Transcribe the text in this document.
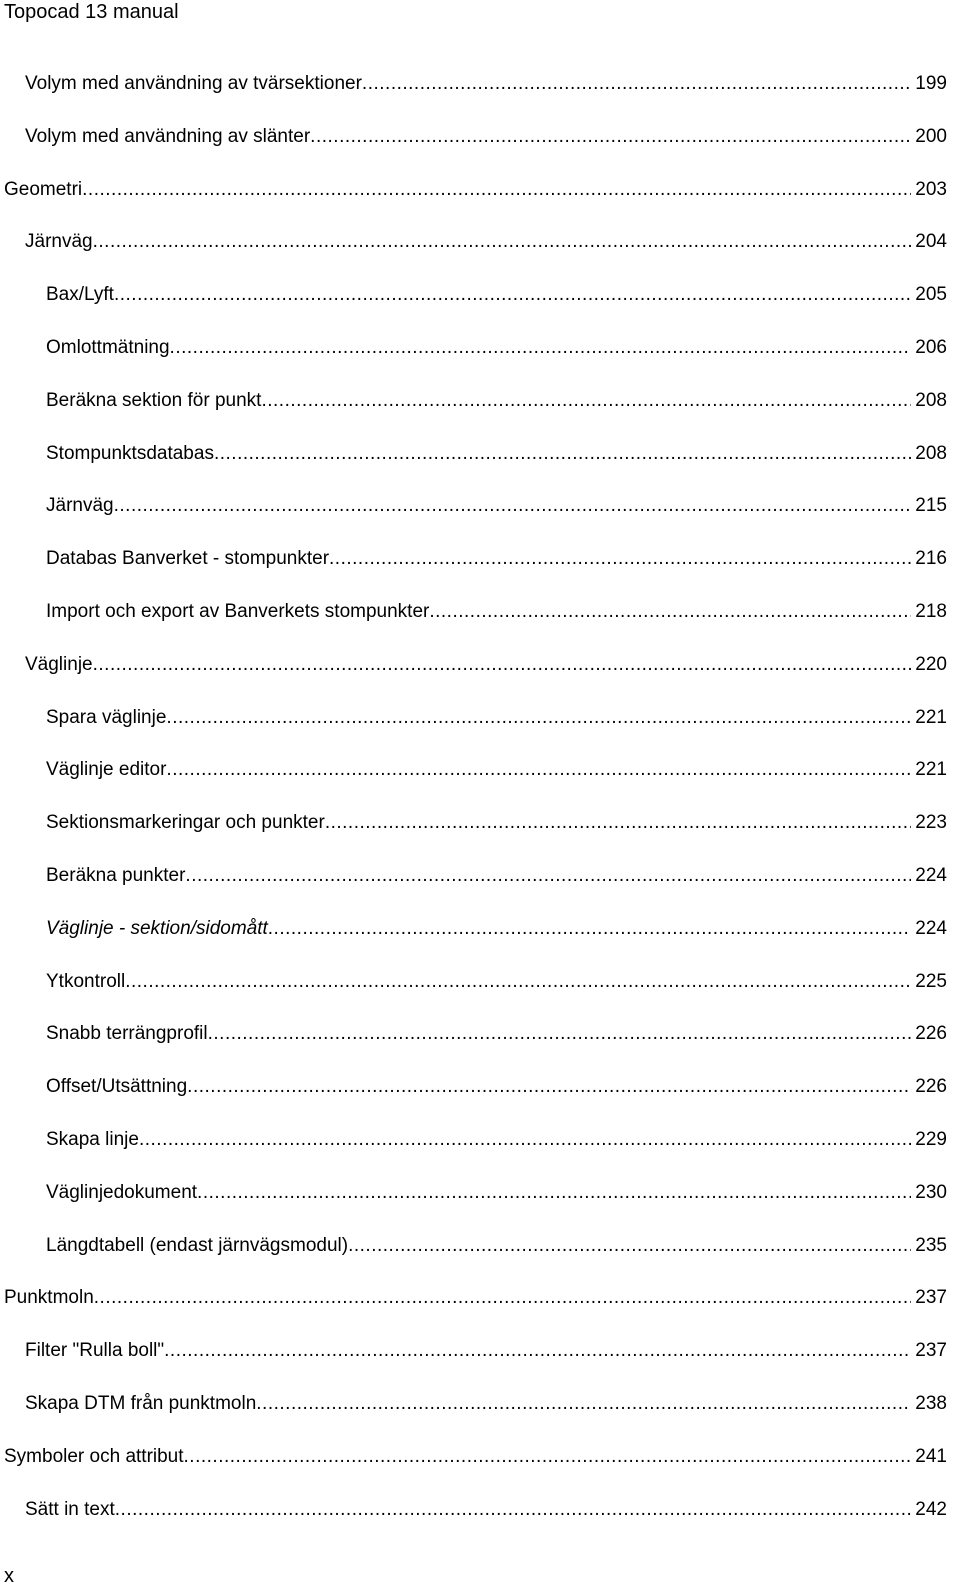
Topocad 13 manual
Volym med användning av tvärsektioner .....	199
Volym med användning av slänter .....	200
Geometri .....	203
Järnväg .....	204
Bax/Lyft .....	205
Omlottmätning .....	206
Beräkna sektion för punkt .....	208
Stompunktsdatabas .....	208
Järnväg .....	215
Databas Banverket - stompunkter .....	216
Import och export av Banverkets stompunkter .....	218
Väglinje .....	220
Spara väglinje .....	221
Väglinje editor .....	221
Sektionsmarkeringar och punkter .....	223
Beräkna punkter .....	224
Väglinje - sektion/sidomått .....	224
Ytkontroll .....	225
Snabb terrängprofil .....	226
Offset/Utsättning .....	226
Skapa linje .....	229
Väglinjedokument .....	230
Längdtabell (endast järnvägsmodul) .....	235
Punktmoln .....	237
Filter "Rulla boll" .....	237
Skapa DTM från punktmoln .....	238
Symboler och attribut .....	241
Sätt in text .....	242
x
